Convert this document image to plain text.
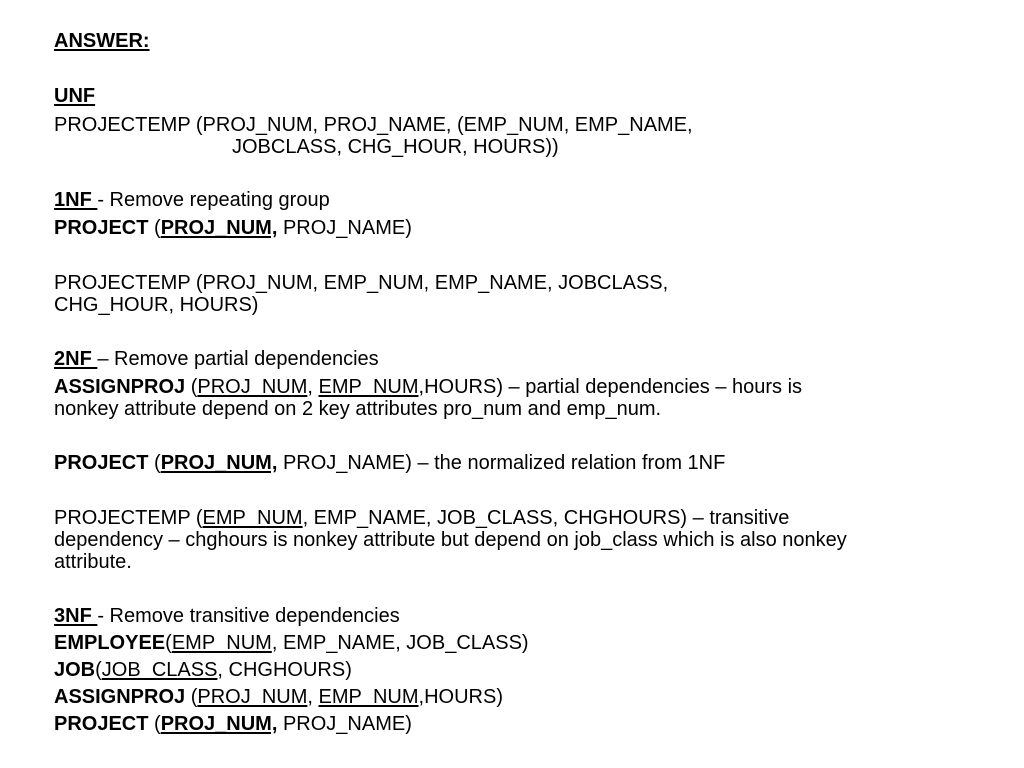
ANSWER:
UNF
PROJECTEMP (PROJ_NUM, PROJ_NAME, (EMP_NUM, EMP_NAME,
JOBCLASS, CHG_HOUR, HOURS))
1NF - Remove repeating group
PROJECT (PROJ_NUM, PROJ_NAME)
PROJECTEMP (PROJ_NUM, EMP_NUM, EMP_NAME, JOBCLASS,
CHG_HOUR, HOURS)
2NF – Remove partial dependencies
ASSIGNPROJ (PROJ_NUM, EMP_NUM,HOURS) – partial dependencies – hours is
nonkey attribute depend on 2 key attributes pro_num and emp_num.
PROJECT (PROJ_NUM, PROJ_NAME) – the normalized relation from 1NF
PROJECTEMP (EMP_NUM, EMP_NAME, JOB_CLASS, CHGHOURS) – transitive
dependency – chghours is nonkey attribute but depend on job_class which is also nonkey
attribute.
3NF - Remove transitive dependencies
EMPLOYEE(EMP_NUM, EMP_NAME, JOB_CLASS)
JOB(JOB_CLASS, CHGHOURS)
ASSIGNPROJ (PROJ_NUM, EMP_NUM,HOURS)
PROJECT (PROJ_NUM, PROJ_NAME)
